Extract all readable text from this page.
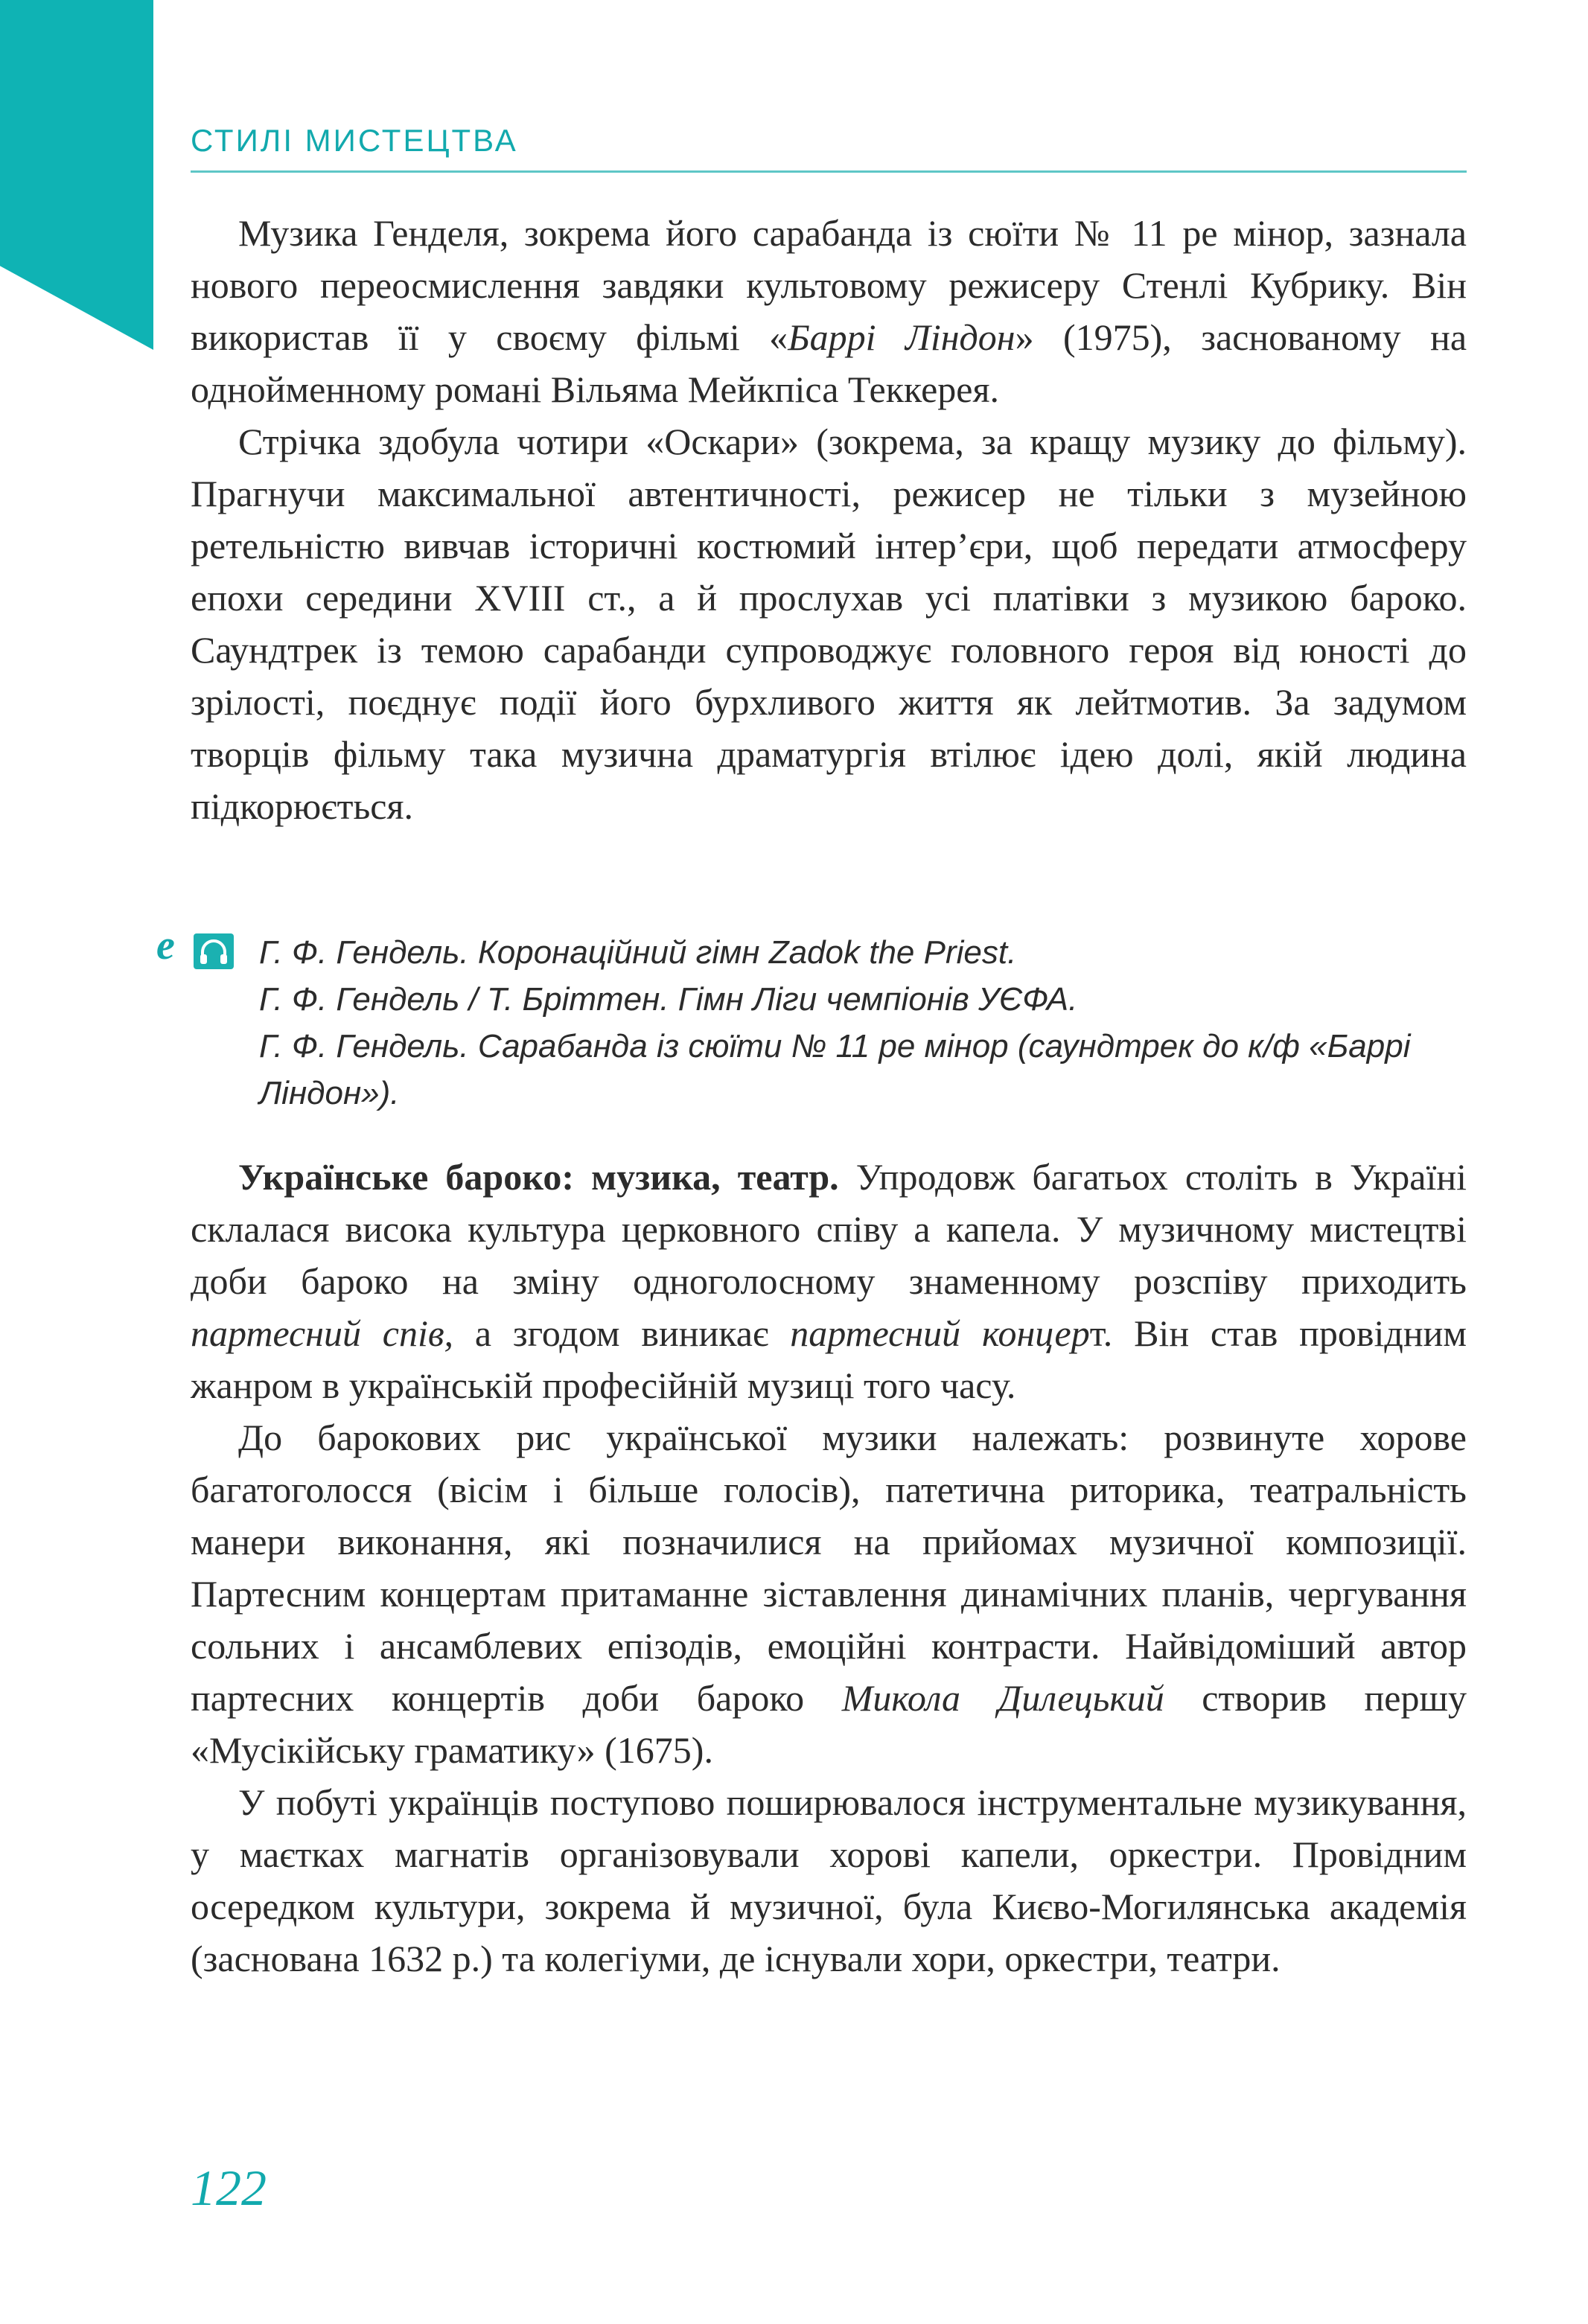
СТИЛІ МИСТЕЦТВА

Музика Генделя, зокрема його сарабанда із сюїти № 11 ре мінор, зазнала нового переосмислення завдяки культовому режисеру Стенлі Кубрику. Він використав її у своєму фільмі «Баррі Ліндон» (1975), заснованому на однойменному романі Вільяма Мейкпіса Теккерея.

Стрічка здобула чотири «Оскари» (зокрема, за кращу музику до фільму). Прагнучи максимальної автентичності, режисер не тільки з музейною ретельністю вивчав історичні костюмий інтер’єри, щоб передати атмосферу епохи середини XVIII ст., а й прослухав усі платівки з музикою бароко. Саундтрек із темою сарабанди супроводжує головного героя від юності до зрілості, поєднує події його бурхливого життя як лейтмотив. За задумом творців фільму така музична драматургія втілює ідею долі, якій людина підкорюється.

e	Г. Ф. Гендель. Коронаційний гімн Zadok the Priest.
Г. Ф. Гендель / Т. Бріттен. Гімн Ліги чемпіонів УЄФА.
Г. Ф. Гендель. Сарабанда із сюїти № 11 ре мінор (саундтрек до к/ф «Баррі Ліндон»).

Українське бароко: музика, театр. Упродовж багатьох століть в Україні склалася висока культура церковного співу а капела. У музичному мистецтві доби бароко на зміну одноголосному знаменному розспіву приходить партесний спів, а згодом виникає партесний концерт. Він став провідним жанром в українській професійній музиці того часу.

До барокових рис української музики належать: розвинуте хорове багатоголосся (вісім і більше голосів), патетична риторика, театральність манери виконання, які позначилися на прийомах музичної композиції. Партесним концертам притаманне зіставлення динамічних планів, чергування сольних і ансамблевих епізодів, емоційні контрасти. Найвідоміший автор партесних концертів доби бароко Микола Дилецький створив першу «Мусікійську граматику» (1675).

У побуті українців поступово поширювалося інструментальне музикування, у маєтках магнатів організовували хорові капели, оркестри. Провідним осередком культури, зокрема й музичної, була Києво-Могилянська академія (заснована 1632 р.) та колегіуми, де існували хори, оркестри, театри.

122
